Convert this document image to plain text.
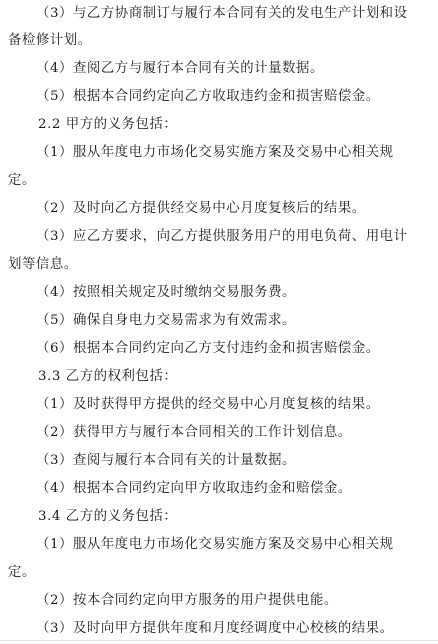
（3）与乙方协商制订与履行本合同有关的发电生产计划和设
备检修计划。
（4）查阅乙方与履行本合同有关的计量数据。
（5）根据本合同约定向乙方收取违约金和损害赔偿金。
2.2 甲方的义务包括：
（1）服从年度电力市场化交易实施方案及交易中心相关规
定。
（2）及时向乙方提供经交易中心月度复核后的结果。
（3）应乙方要求，向乙方提供服务用户的用电负荷、用电计
划等信息。
（4）按照相关规定及时缴纳交易服务费。
（5）确保自身电力交易需求为有效需求。
（6）根据本合同约定向乙方支付违约金和损害赔偿金。
3.3 乙方的权利包括：
（1）及时获得甲方提供的经交易中心月度复核的结果。
（2）获得甲方与履行本合同相关的工作计划信息。
（3）查阅与履行本合同有关的计量数据。
（4）根据本合同约定向甲方收取违约金和赔偿金。
3.4 乙方的义务包括：
（1）服从年度电力市场化交易实施方案及交易中心相关规
定。
（2）按本合同约定向甲方服务的用户提供电能。
（3）及时向甲方提供年度和月度经调度中心校核的结果。
